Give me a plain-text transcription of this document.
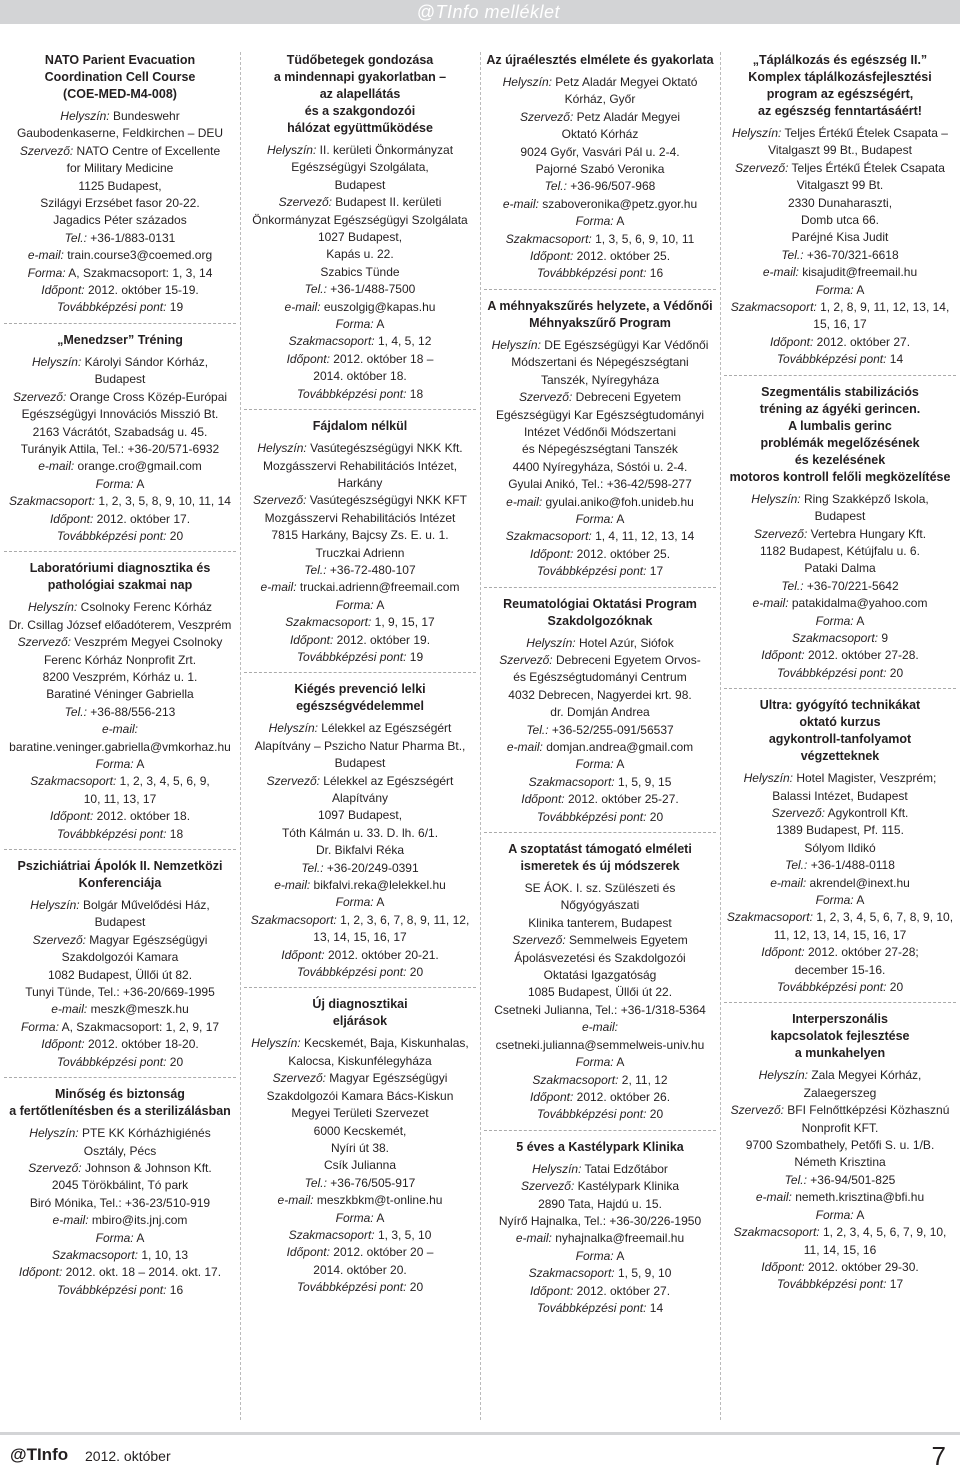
@TInfo melléklet
NATO Parient Evacuation
Coordination Cell Course
(COE-MED-M4-008)
Helyszín: Bundeswehr
Gaubodenkaserne, Feldkirchen – DEU
Szervező: NATO Centre of Excellente
for Military Medicine
1125 Budapest,
Szilágyi Erzsébet fasor 20-22.
Jagadics Péter százados
Tel.: +36-1/883-0131
e-mail: train.course3@coemed.org
Forma: A, Szakmacsoport: 1, 3, 14
Időpont: 2012. október 15-19.
Továbbképzési pont: 19
„Menedzser” Tréning
Helyszín: Károlyi Sándor Kórház,
Budapest
Szervező: Orange Cross Közép-Európai
Egészségügyi Innovációs Misszió Bt.
2163 Vácrátót, Szabadság u. 45.
Turányik Attila, Tel.: +36-20/571-6932
e-mail: orange.cro@gmail.com
Forma: A
Szakmacsoport: 1, 2, 3, 5, 8, 9, 10, 11, 14
Időpont: 2012. október 17.
Továbbképzési pont: 20
Laboratóriumi diagnosztika és
pathológiai szakmai nap
Helyszín: Csolnoky Ferenc Kórház
Dr. Csillag József előadóterem, Veszprém
Szervező: Veszprém Megyei Csolnoky
Ferenc Kórház Nonprofit Zrt.
8200 Veszprém, Kórház u. 1.
Baratiné Véninger Gabriella
Tel.: +36-88/556-213
e-mail:
baratine.veninger.gabriella@vmkorhaz.hu
Forma: A
Szakmacsoport: 1, 2, 3, 4, 5, 6, 9,
10, 11, 13, 17
Időpont: 2012. október 18.
Továbbképzési pont: 18
Pszichiátriai Ápolók II. Nemzetközi
Konferenciája
Helyszín: Bolgár Művelődési Ház,
Budapest
Szervező: Magyar Egészségügyi
Szakdolgozói Kamara
1082 Budapest, Üllői út 82.
Tunyi Tünde, Tel.: +36-20/669-1995
e-mail: meszk@meszk.hu
Forma: A, Szakmacsoport: 1, 2, 9, 17
Időpont: 2012. október 18-20.
Továbbképzési pont: 20
Minőség és biztonság
a fertőtlenítésben és a sterilizálásban
Helyszín: PTE KK Kórházhigiénés
Osztály, Pécs
Szervező: Johnson & Johnson Kft.
2045 Törökbálint, Tó park
Biró Mónika, Tel.: +36-23/510-919
e-mail: mbiro@its.jnj.com
Forma: A
Szakmacsoport: 1, 10, 13
Időpont: 2012. okt. 18 – 2014. okt. 17.
Továbbképzési pont: 16
Tüdőbetegek gondozása
a mindennapi gyakorlatban –
az alapellátás
és a szakgondozói
hálózat együttműködése
Helyszín: II. kerületi Önkormányzat
Egészségügyi Szolgálata,
Budapest
Szervező: Budapest II. kerületi
Önkormányzat Egészségügyi Szolgálata
1027 Budapest,
Kapás u. 22.
Szabics Tünde
Tel.: +36-1/488-7500
e-mail: euszolgig@kapas.hu
Forma: A
Szakmacsoport: 1, 4, 5, 12
Időpont: 2012. október 18 –
2014. október 18.
Továbbképzési pont: 18
Fájdalom nélkül
Helyszín: Vasútegészségügyi NKK Kft.
Mozgásszervi Rehabilitációs Intézet,
Harkány
Szervező: Vasútegészségügyi NKK KFT
Mozgásszervi Rehabilitációs Intézet
7815 Harkány, Bajcsy Zs. E. u. 1.
Truczkai Adrienn
Tel.: +36-72-480-107
e-mail: truckai.adrienn@freemail.com
Forma: A
Szakmacsoport: 1, 9, 15, 17
Időpont: 2012. október 19.
Továbbképzési pont: 19
Kiégés prevenció lelki
egészségvédelemmel
Helyszín: Lélekkel az Egészségért
Alapítvány – Pszicho Natur Pharma Bt.,
Budapest
Szervező: Lélekkel az Egészségért
Alapítvány
1097 Budapest,
Tóth Kálmán u. 33. D. lh. 6/1.
Dr. Bikfalvi Réka
Tel.: +36-20/249-0391
e-mail: bikfalvi.reka@lelekkel.hu
Forma: A
Szakmacsoport: 1, 2, 3, 6, 7, 8, 9, 11, 12,
13, 14, 15, 16, 17
Időpont: 2012. október 20-21.
Továbbképzési pont: 20
Új diagnosztikai
eljárások
Helyszín: Kecskemét, Baja, Kiskunhalas,
Kalocsa, Kiskunfélegyháza
Szervező: Magyar Egészségügyi
Szakdolgozói Kamara Bács-Kiskun
Megyei Területi Szervezet
6000 Kecskemét,
Nyíri út 38.
Csík Julianna
Tel.: +36-76/505-917
e-mail: meszkbkm@t-online.hu
Forma: A
Szakmacsoport: 1, 3, 5, 10
Időpont: 2012. október 20 –
2014. október 20.
Továbbképzési pont: 20
Az újraélesztés elmélete és gyakorlata
Helyszín: Petz Aladár Megyei Oktató
Kórház, Győr
Szervező: Petz Aladár Megyei
Oktató Kórház
9024 Győr, Vasvári Pál u. 2-4.
Pajorné Szabó Veronika
Tel.: +36-96/507-968
e-mail: szaboveronika@petz.gyor.hu
Forma: A
Szakmacsoport: 1, 3, 5, 6, 9, 10, 11
Időpont: 2012. október 25.
Továbbképzési pont: 16
A méhnyakszűrés helyzete, a Védőnői
Méhnyakszűrő Program
Helyszín: DE Egészségügyi Kar Védőnői
Módszertani és Népegészségtani
Tanszék, Nyíregyháza
Szervező: Debreceni Egyetem
Egészségügyi Kar Egészségtudományi
Intézet Védőnői Módszertani
és Népegészségtani Tanszék
4400 Nyíregyháza, Sóstói u. 2-4.
Gyulai Anikó, Tel.: +36-42/598-277
e-mail: gyulai.aniko@foh.unideb.hu
Forma: A
Szakmacsoport: 1, 4, 11, 12, 13, 14
Időpont: 2012. október 25.
Továbbképzési pont: 17
Reumatológiai Oktatási Program
Szakdolgozóknak
Helyszín: Hotel Azúr, Siófok
Szervező: Debreceni Egyetem Orvos-
és Egészségtudományi Centrum
4032 Debrecen, Nagyerdei krt. 98.
dr. Domján Andrea
Tel.: +36-52/255-091/56537
e-mail: domjan.andrea@gmail.com
Forma: A
Szakmacsoport: 1, 5, 9, 15
Időpont: 2012. október 25-27.
Továbbképzési pont: 20
A szoptatást támogató elméleti
ismeretek és új módszerek
SE ÁOK. I. sz. Szülészeti és Nőgyógyászati
Klinika tanterem, Budapest
Szervező: Semmelweis Egyetem
Ápolásvezetési és Szakdolgozói
Oktatási Igazgatóság
1085 Budapest, Üllői út 22.
Csetneki Julianna, Tel.: +36-1/318-5364
e-mail:
csetneki.julianna@semmelweis-univ.hu
Forma: A
Szakmacsoport: 2, 11, 12
Időpont: 2012. október 26.
Továbbképzési pont: 20
5 éves a Kastélypark Klinika
Helyszín: Tatai Edzőtábor
Szervező: Kastélypark Klinika
2890 Tata, Hajdú u. 15.
Nyírő Hajnalka, Tel.: +36-30/226-1950
e-mail: nyhajnalka@freemail.hu
Forma: A
Szakmacsoport: 1, 5, 9, 10
Időpont: 2012. október 27.
Továbbképzési pont: 14
„Táplálkozás és egészség II.”
Komplex táplálkozásfejlesztési
program az egészségért,
az egészség fenntartásáért!
Helyszín: Teljes Értékű Ételek Csapata –
Vitalgaszt 99 Bt., Budapest
Szervező: Teljes Értékű Ételek Csapata
Vitalgaszt 99 Bt.
2330 Dunaharaszti,
Domb utca 66.
Paréjné Kisa Judit
Tel.: +36-70/321-6618
e-mail: kisajudit@freemail.hu
Forma: A
Szakmacsoport: 1, 2, 8, 9, 11, 12, 13, 14,
15, 16, 17
Időpont: 2012. október 27.
Továbbképzési pont: 14
Szegmentális stabilizációs
tréning az ágyéki gerincen.
A lumbalis gerinc
problémák megelőzésének
és kezelésének
motoros kontroll felőli megközelítése
Helyszín: Ring Szakképző Iskola,
Budapest
Szervező: Vertebra Hungary Kft.
1182 Budapest, Kétújfalu u. 6.
Pataki Dalma
Tel.: +36-70/221-5642
e-mail: patakidalma@yahoo.com
Forma: A
Szakmacsoport: 9
Időpont: 2012. október 27-28.
Továbbképzési pont: 20
Ultra: gyógyító technikákat
oktató kurzus
agykontroll-tanfolyamot
végzetteknek
Helyszín: Hotel Magister, Veszprém;
Balassi Intézet, Budapest
Szervező: Agykontroll Kft.
1389 Budapest, Pf. 115.
Sólyom Ildikó
Tel.: +36-1/488-0118
e-mail: akrendel@inext.hu
Forma: A
Szakmacsoport: 1, 2, 3, 4, 5, 6, 7, 8, 9, 10,
11, 12, 13, 14, 15, 16, 17
Időpont: 2012. október 27-28;
december 15-16.
Továbbképzési pont: 20
Interperszonális
kapcsolatok fejlesztése
a munkahelyen
Helyszín: Zala Megyei Kórház,
Zalaegerszeg
Szervező: BFI Felnőttképzési Közhasznú
Nonprofit KFT.
9700 Szombathely, Petőfi S. u. 1/B.
Németh Krisztina
Tel.: +36-94/501-825
e-mail: nemeth.krisztina@bfi.hu
Forma: A
Szakmacsoport: 1, 2, 3, 4, 5, 6, 7, 9, 10,
11, 14, 15, 16
Időpont: 2012. október 29-30.
Továbbképzési pont: 17
@TInfo 2012. október	7
